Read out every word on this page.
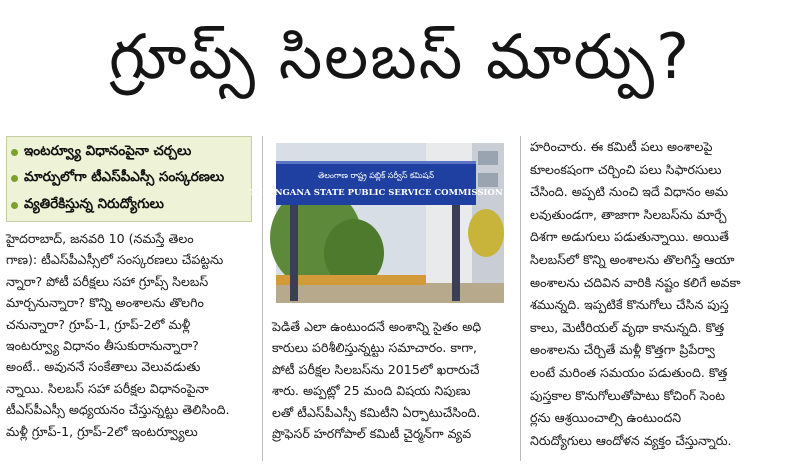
గ్రూప్స్ సిలబస్ మార్పు?
ఇంటర్వ్యూ విధానంపైనా చర్చలు
మార్పులోగా టీఎస్‌పీఎస్సీ సంస్కరణలు
వ్యతిరేకిస్తున్న నిరుద్యోగులు

హైదరాబాద్, జనవరి 10 (నమస్తే తెలం

గాణ): టీఎస్‌పీఎస్సీలో సంస్కరణలు చేపట్టను

న్నారా? పోటీ పరీక్షలు సహా గ్రూప్స్ సిలబస్

మార్చనున్నారా? కొన్ని అంశాలను తొలగిం

చనున్నారా? గ్రూప్-1, గ్రూప్-2లో మళ్లీ

ఇంటర్వ్యూ విధానం తీసుకురానున్నారా?

అంటే.. అవుననే సంకేతాలు వెలువడుతు

న్నాయి. సిలబస్ సహా పరీక్షల విధానంపైనా

టీఎస్‌పీఎస్సీ అధ్యయనం చేస్తున్నట్టు తెలిసింది.

మళ్లీ గ్రూప్-1, గ్రూప్-2లో ఇంటర్వ్యూలు

తెలంగాణ రాష్ట్ర పబ్లిక్ సర్వీస్ కమిషన్
TELANGANA STATE PUBLIC SERVICE COMMISSION

పెడితే ఎలా ఉంటుందనే అంశాన్ని సైతం అధి

కారులు పరిశీలిస్తున్నట్టు సమాచారం. కాగా,

పోటీ పరీక్షల సిలబస్‌ను 2015లో ఖరారుచే

శారు. అప్పట్లో 25 మంది విషయ నిపుణు

లతో టీఎస్‌పీఎస్సీ కమిటీని ఏర్పాటుచేసింది.

ప్రొఫెసర్ హరగోపాల్ కమిటీ చైర్మన్‌గా వ్యవ

హరించారు. ఈ కమిటీ పలు అంశాలపై

కూలంకషంగా చర్చించి పలు సిఫారసులు

చేసింది. అప్పటి నుంచి ఇదే విధానం అమ

లవుతుండగా, తాజాగా సిలబస్‌ను మార్చే

దిశగా అడుగులు పడుతున్నాయి. అయితే

సిలబస్‌లో కొన్ని అంశాలను తొలగిస్తే ఆయా

అంశాలను చదివిన వారికి నష్టం కలిగే అవకా

శమున్నది. ఇప్పటికే కొనుగోలు చేసిన పుస్త

కాలు, మెటీరియల్ వృథా కానున్నది. కొత్త

అంశాలను చేర్చితే మళ్లీ కొత్తగా ప్రిపేర్వా

లంటే మరింత సమయం పడుతుంది. కొత్త

పుస్తకాల కొనుగోలుతోపాటు కోచింగ్ సెంట

ర్లను ఆశ్రయించాల్సి ఉంటుందని

నిరుద్యోగులు ఆందోళన వ్యక్తం చేస్తున్నారు.
